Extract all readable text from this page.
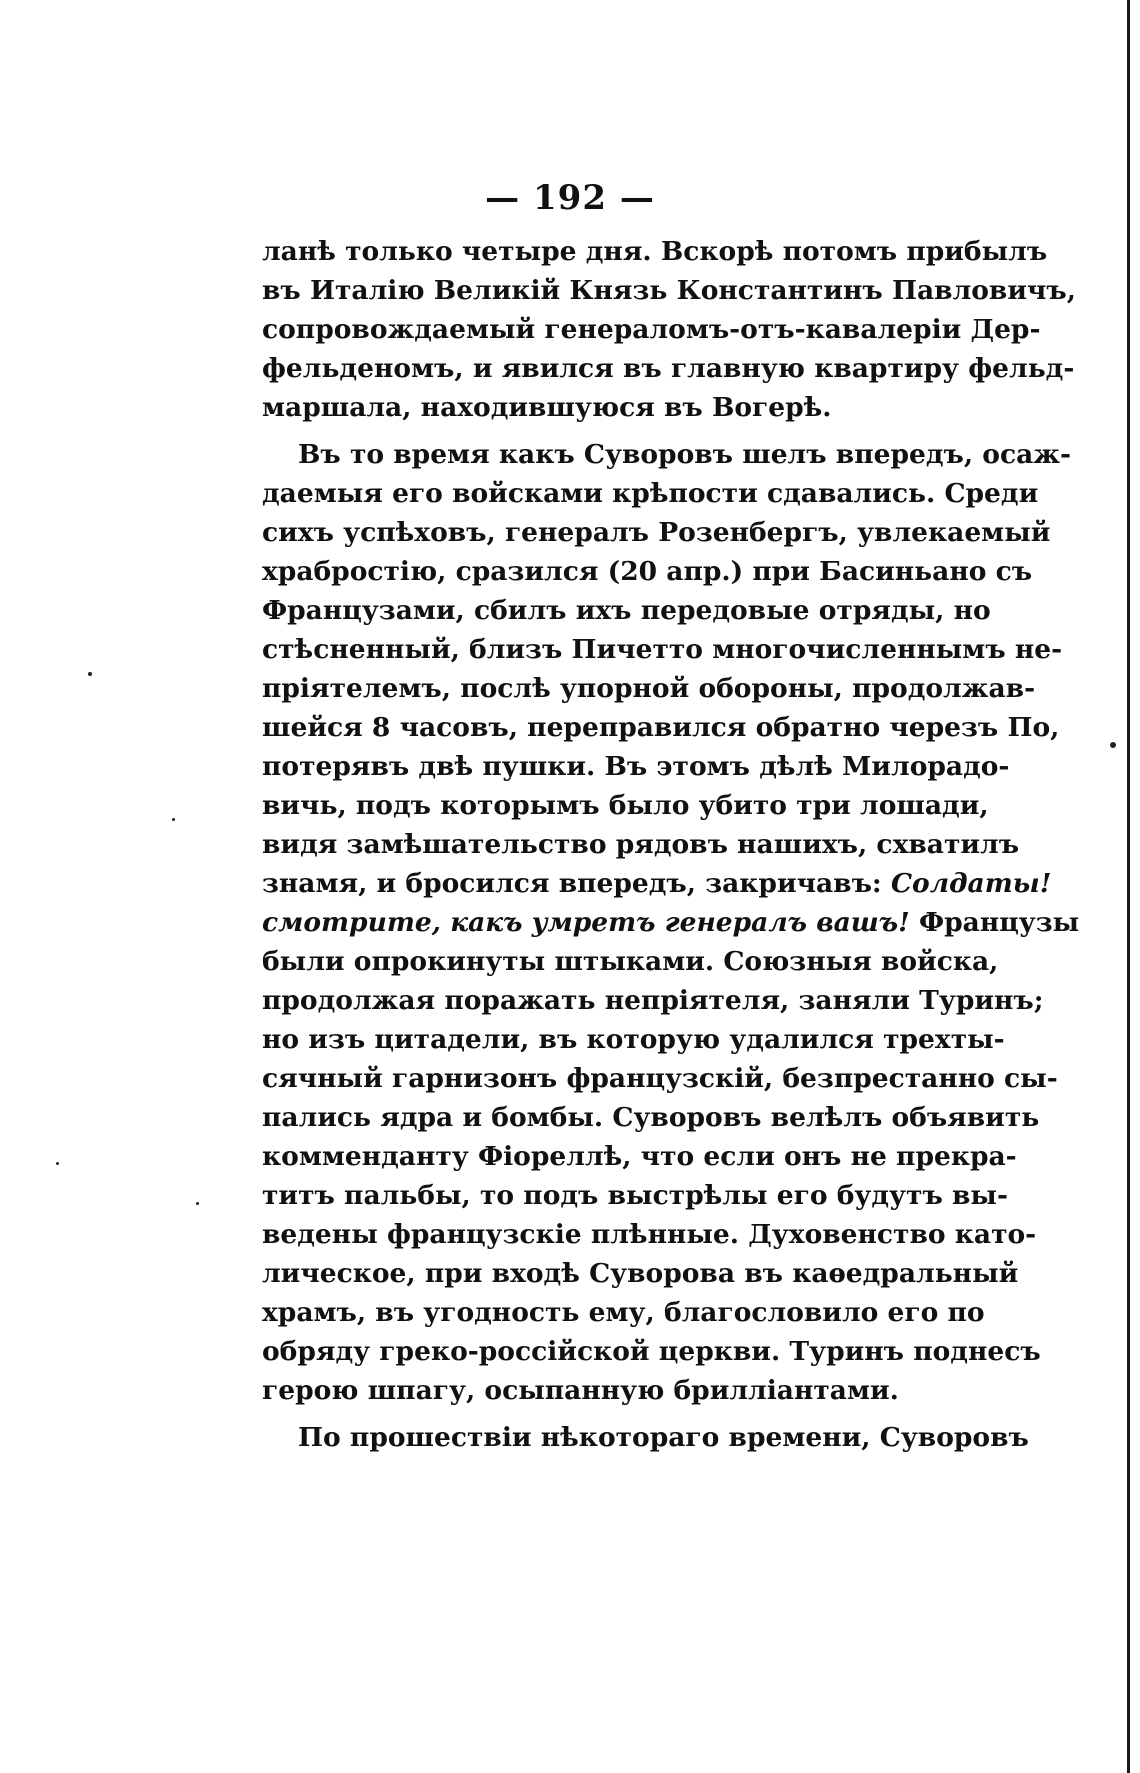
— 192 —
ланѣ только четыре дня. Вскорѣ потомъ прибылъ
въ Италію Великій Князь Константинъ Павловичъ,
сопровождаемый генераломъ-отъ-кавалеріи Дер-
фельденомъ, и явился въ главную квартиру фельд-
маршала, находившуюся въ Вогерѣ.
Въ то время какъ Суворовъ шелъ впередъ, осаж-
даемыя его войсками крѣпости сдавались. Среди
сихъ успѣховъ, генералъ Розенбергъ, увлекаемый
храбростію, сразился (20 апр.) при Басиньано съ
Французами, сбилъ ихъ передовые отряды, но
стѣсненный, близъ Пичетто многочисленнымъ не-
пріятелемъ, послѣ упорной обороны, продолжав-
шейся 8 часовъ, переправился обратно черезъ По,
потерявъ двѣ пушки. Въ этомъ дѣлѣ Милорадо-
вичь, подъ которымъ было убито три лошади,
видя замѣшательство рядовъ нашихъ, схватилъ
знамя, и бросился впередъ, закричавъ: Солдаты!
смотрите, какъ умретъ генералъ вашъ! Французы
были опрокинуты штыками. Союзныя войска,
продолжая поражать непріятеля, заняли Туринъ;
но изъ цитадели, въ которую удалился трехты-
сячный гарнизонъ французскій, безпрестанно сы-
пались ядра и бомбы. Суворовъ велѣлъ объявить
комменданту Фіореллѣ, что если онъ не прекра-
титъ пальбы, то подъ выстрѣлы его будутъ вы-
ведены французскіе плѣнные. Духовенство като-
лическое, при входѣ Суворова въ каѳедральный
храмъ, въ угодность ему, благословило его по
обряду греко-россійской церкви. Туринъ поднесъ
герою шпагу, осыпанную бриллiантами.
По прошествіи нѣкотораго времени, Суворовъ
